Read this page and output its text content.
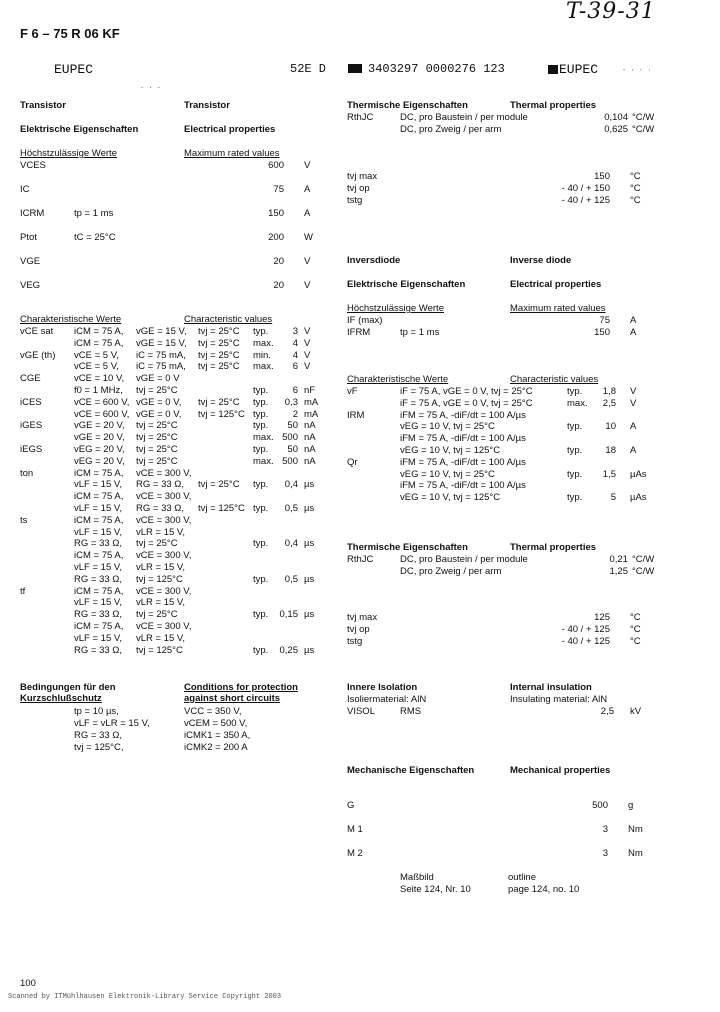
F 6 – 75 R 06 KF
T-39-31
EUPEC
. . .
52E D	3403297 0000276 123	EUPEC	- · · ·
Transistor	Transistor
Elektrische Eigenschaften	Electrical properties
Höchstzulässige Werte	Maximum rated values
VCES	600 V
IC	75 A
ICRM	tp = 1 ms	150 A
Ptot	tC = 25°C	200 W
VGE	20 V
VEG	20 V
Charakteristische Werte	Characteristic values
vCE sat iCM = 75 A, vGE = 15 V, tvj = 25°C typ.	3 V
iCM = 75 A, vGE = 15 V, tvj = 25°C max.	4 V
vGE (th) vCE = 5 V, iC = 75 mA, tvj = 25°C min.	4 V
vCE = 5 V, iC = 75 mA, tvj = 25°C max.	6 V
CGE	vCE = 10 V, vGE = 0 V
f0 = 1 MHz, tvj = 25°C	typ.	6 nF
iCES	vCE = 600 V, vGE = 0 V, tvj = 25°C typ.	0,3 mA
vCE = 600 V, vGE = 0 V, tvj = 125°C typ.	2 mA
iGES	vGE = 20 V, tvj = 25°C	typ.	50 nA
vGE = 20 V, tvj = 25°C	max. 500 nA
iEGS	vEG = 20 V, tvj = 25°C	typ.	50 nA
vEG = 20 V, tvj = 25°C	max. 500 nA
ton	iCM = 75 A, vCE = 300 V,
vLF = 15 V, RG = 33 Ω, tvj = 25°C typ.	0,4 µs
iCM = 75 A, vCE = 300 V,
vLF = 15 V, RG = 33 Ω, tvj = 125°C typ.	0,5 µs
ts	iCM = 75 A, vCE = 300 V,
vLF = 15 V, vLR = 15 V,
RG = 33 Ω, tvj = 25°C	typ.	0,4 µs
iCM = 75 A, vCE = 300 V,
vLF = 15 V, vLR = 15 V,
RG = 33 Ω, tvj = 125°C	typ.	0,5 µs
tf	iCM = 75 A, vCE = 300 V,
vLF = 15 V, vLR = 15 V,
RG = 33 Ω, tvj = 25°C	typ.	0,15 µs
iCM = 75 A, vCE = 300 V,
vLF = 15 V, vLR = 15 V,
RG = 33 Ω, tvj = 125°C	typ.	0,25 µs
Bedingungen für den
Kurzschlußschutz
Conditions for protection
against short circuits
tp = 10 µs,	VCC = 350 V,
vLF = vLR = 15 V,	vCEM = 500 V,
RG = 33 Ω,	iCMK1 = 350 A,
tvj = 125°C,	iCMK2 = 200 A
100
Scanned by ITMühlhausen Elektronik-Library Service Copyright 2003
Thermische Eigenschaften	Thermal properties
RthJC	DC, pro Baustein / per module	0,104 °C/W
DC, pro Zweig / per arm	0,625 °C/W
tvj max	150 °C
tvj op	- 40 / + 150 °C
tstg	- 40 / + 125 °C
Inversdiode	Inverse diode
Elektrische Eigenschaften	Electrical properties
Höchstzulässige Werte	Maximum rated values
IF (max)	75 A
IFRM	tp = 1 ms	150 A
Charakteristische Werte	Characteristic values
vF	iF = 75 A, vGE = 0 V, tvj = 25°C	typ.	1,8 V
iF = 75 A, vGE = 0 V, tvj = 25°C	max.	2,5 V
IRM	iFM = 75 A, -diF/dt = 100 A/µs
vEG = 10 V, tvj = 25°C	typ.	10 A
iFM = 75 A, -diF/dt = 100 A/µs
vEG = 10 V, tvj = 125°C	typ.	18 A
Qr	iFM = 75 A, -diF/dt = 100 A/µs
vEG = 10 V, tvj = 25°C	typ.	1,5 µAs
iFM = 75 A, -diF/dt = 100 A/µs
vEG = 10 V, tvj = 125°C	typ.	5 µAs
Thermische Eigenschaften	Thermal properties
RthJC	DC, pro Baustein / per module	0,21 °C/W
DC, pro Zweig / per arm	1,25 °C/W
tvj max	125 °C
tvj op	- 40 / + 125 °C
tstg	- 40 / + 125 °C
Innere Isolation	Internal insulation
Isoliermaterial: AlN	Insulating material: AlN
VISOL	RMS	2,5 kV
Mechanische Eigenschaften	Mechanical properties
G	500 g
M 1	3 Nm
M 2	3 Nm
Maßbild	outline
Seite 124, Nr. 10	page 124, no. 10
